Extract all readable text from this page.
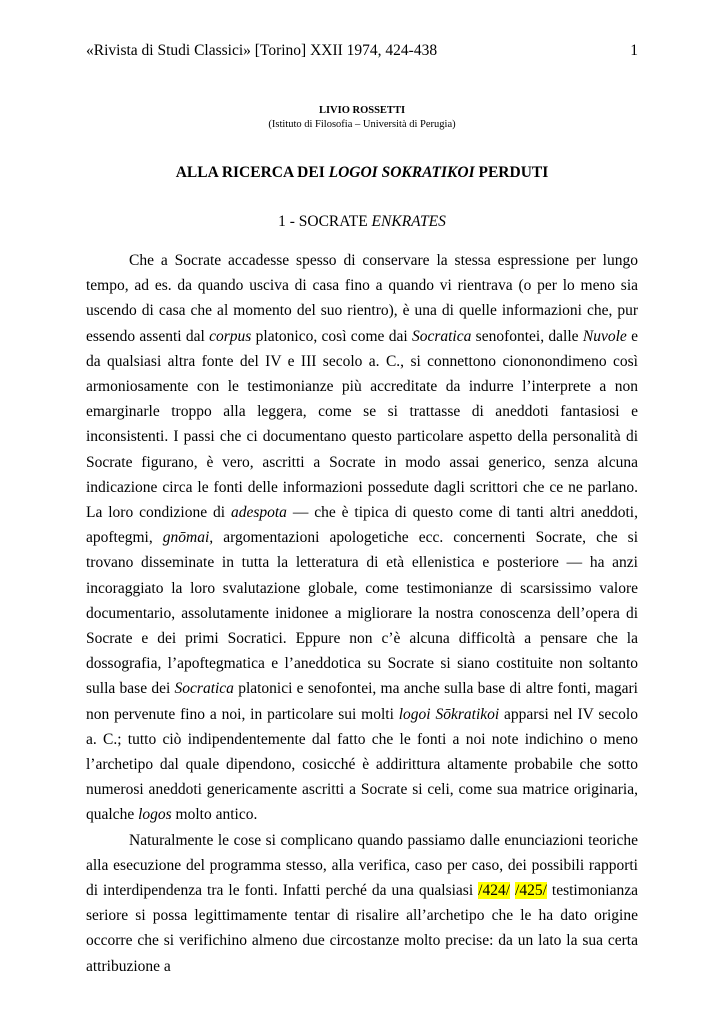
«Rivista di Studi Classici» [Torino] XXII 1974, 424-438	1
LIVIO ROSSETTI
(Istituto di Filosofia – Università di Perugia)
ALLA RICERCA DEI LOGOI SOKRATIKOI PERDUTI
1 - SOCRATE ENKRATES

Che a Socrate accadesse spesso di conservare la stessa espressione per lungo tempo, ad es. da quando usciva di casa fino a quando vi rientrava (o per lo meno sia uscendo di casa che al momento del suo rientro), è una di quelle informazioni che, pur essendo assenti dal corpus platonico, così come dai Socratica senofontei, dalle Nuvole e da qualsiasi altra fonte del IV e III secolo a. C., si connettono ciononondimeno così armoniosamente con le testimonianze più accreditate da indurre l’interprete a non emarginarle troppo alla leggera, come se si trattasse di aneddoti fantasiosi e inconsistenti. I passi che ci documentano questo particolare aspetto della personalità di Socrate figurano, è vero, ascritti a Socrate in modo assai generico, senza alcuna indicazione circa le fonti delle informazioni possedute dagli scrittori che ce ne parlano. La loro condizione di adespota — che è tipica di questo come di tanti altri aneddoti, apoftegmi, gnōmai, argomentazioni apologetiche ecc. concernenti Socrate, che si trovano disseminate in tutta la letteratura di età ellenistica e posteriore — ha anzi incoraggiato la loro svalutazione globale, come testimonianze di scarsissimo valore documentario, assolutamente inidonee a migliorare la nostra conoscenza dell’opera di Socrate e dei primi Socratici. Eppure non c’è alcuna difficoltà a pensare che la dossografia, l’apoftegmatica e l’aneddotica su Socrate si siano costituite non soltanto sulla base dei Socratica platonici e senofontei, ma anche sulla base di altre fonti, magari non pervenute fino a noi, in particolare sui molti logoi Sōkratikoi apparsi nel IV secolo a. C.; tutto ciò indipendentemente dal fatto che le fonti a noi note indichino o meno l’archetipo dal quale dipendono, cosicché è addirittura altamente probabile che sotto numerosi aneddoti genericamente ascritti a Socrate si celi, come sua matrice originaria, qualche logos molto antico.

Naturalmente le cose si complicano quando passiamo dalle enunciazioni teoriche alla esecuzione del programma stesso, alla verifica, caso per caso, dei possibili rapporti di interdipendenza tra le fonti. Infatti perché da una qualsiasi /424/ /425/ testimonianza seriore si possa legittimamente tentar di risalire all’archetipo che le ha dato origine occorre che si verifichino almeno due circostanze molto precise: da un lato la sua certa attribuzione a
